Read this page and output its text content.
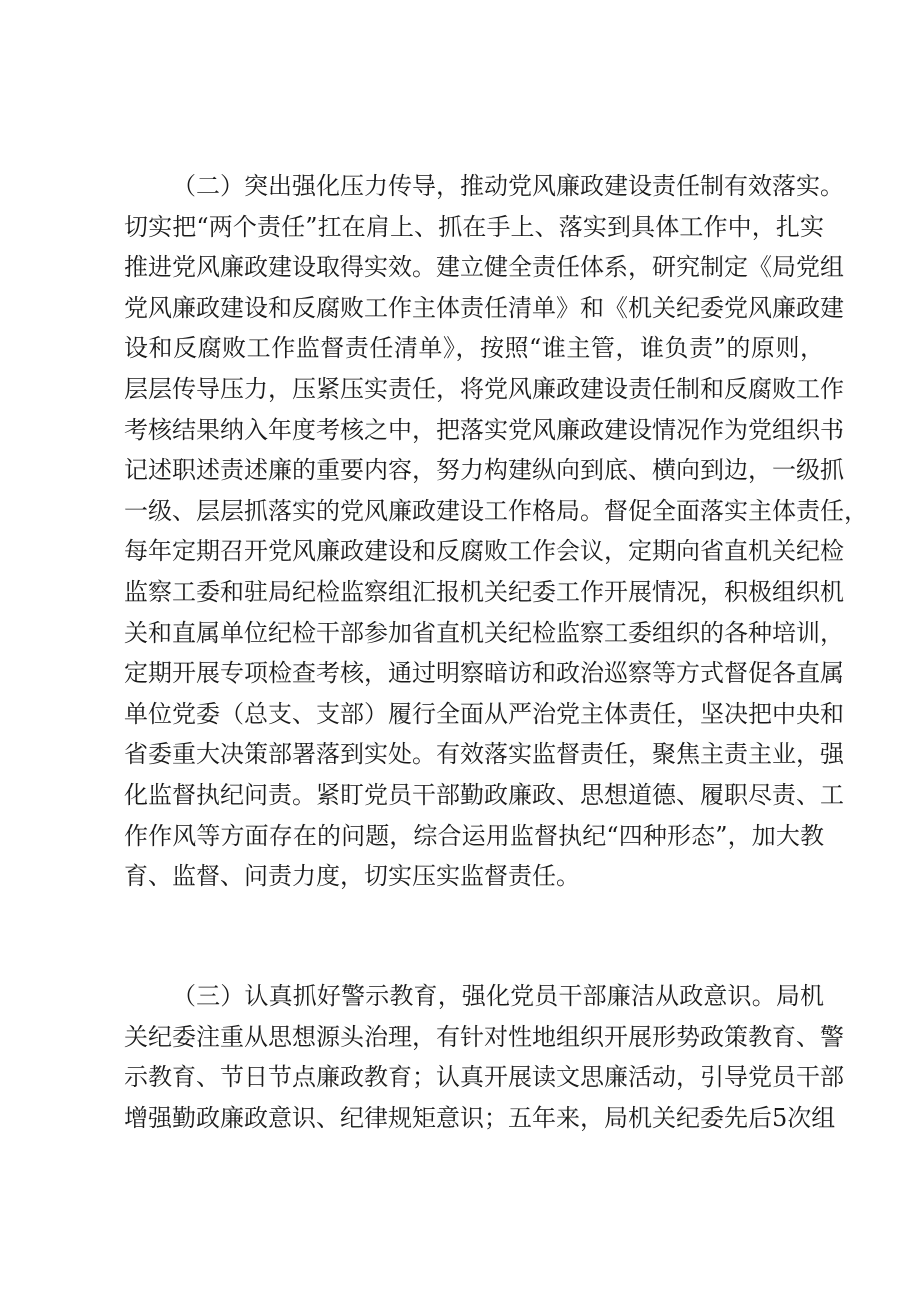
（二）突出强化压力传导，推动党风廉政建设责任制有效落实。
切实把“两个责任”扛在肩上、抓在手上、落实到具体工作中，扎实
推进党风廉政建设取得实效。建立健全责任体系，研究制定《局党组
党风廉政建设和反腐败工作主体责任清单》和《机关纪委党风廉政建
设和反腐败工作监督责任清单》，按照“谁主管，谁负责”的原则，
层层传导压力，压紧压实责任，将党风廉政建设责任制和反腐败工作
考核结果纳入年度考核之中，把落实党风廉政建设情况作为党组织书
记述职述责述廉的重要内容，努力构建纵向到底、横向到边，一级抓
一级、层层抓落实的党风廉政建设工作格局。督促全面落实主体责任，
每年定期召开党风廉政建设和反腐败工作会议，定期向省直机关纪检
监察工委和驻局纪检监察组汇报机关纪委工作开展情况，积极组织机
关和直属单位纪检干部参加省直机关纪检监察工委组织的各种培训，
定期开展专项检查考核，通过明察暗访和政治巡察等方式督促各直属
单位党委（总支、支部）履行全面从严治党主体责任，坚决把中央和
省委重大决策部署落到实处。有效落实监督责任，聚焦主责主业，强
化监督执纪问责。紧盯党员干部勤政廉政、思想道德、履职尽责、工
作作风等方面存在的问题，综合运用监督执纪“四种形态”，加大教
育、监督、问责力度，切实压实监督责任。
（三）认真抓好警示教育，强化党员干部廉洁从政意识。局机
关纪委注重从思想源头治理，有针对性地组织开展形势政策教育、警
示教育、节日节点廉政教育；认真开展读文思廉活动，引导党员干部
增强勤政廉政意识、纪律规矩意识；五年来，局机关纪委先后5次组
